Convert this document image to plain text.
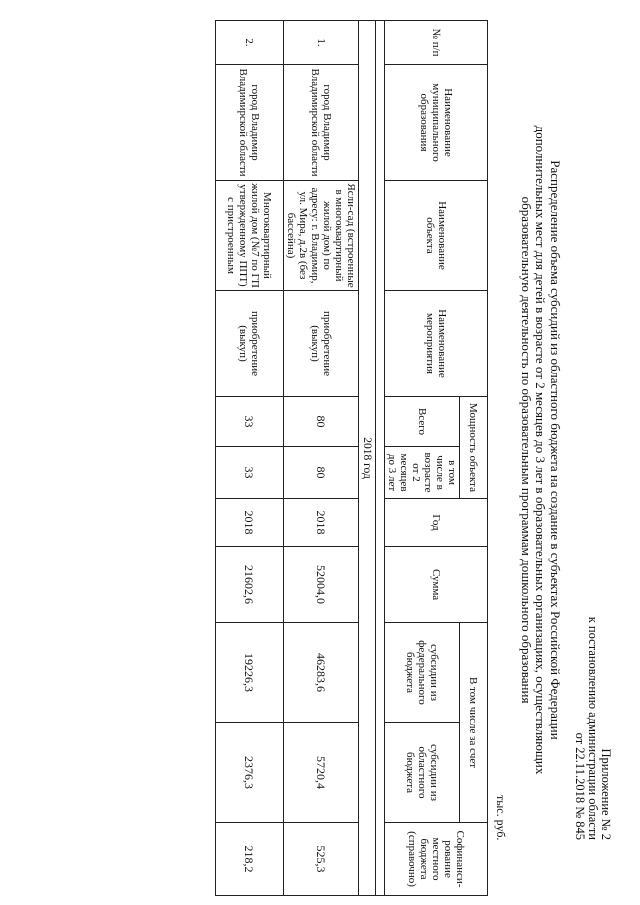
Приложение № 2
к постановлению администрации области
от 22.11.2018 № 845
Распределение объема субсидий из областного бюджета на создание в субъектах Российской Федерации
дополнительных мест для детей в возрасте от 2 месяцев до 3 лет в образовательных организациях, осуществляющих
образовательную деятельность по образовательным программам дошкольного образования
тыс. руб.
№ п/п	Наименование муниципального образования	Наименование объекта	Наименование мероприятия	Мощность объекта		Год	Сумма	В том числе за счет		Софинанси-рование местного бюджета (справочно)
				Всего	в том числе в возрасте от 2 месяцев до 3 лет			субсидии из федерального бюджета	субсидии из областного бюджета	

2018 год										
1.	город Владимир Владимирской области	Ясли-сад (встроенные в многоквартирный жилой дом) по адресу: г. Владимир, ул. Мира, д.2в (без бассейна)	приобретение (выкуп)	80	80	2018	52004,0	46283,6	5720,4	525,3
2.	город Владимир Владимирской области	Многоквартирный жилой дом (№7 по ГП утвержденному ППТ) с пристроенным	приобретение (выкуп)	33	33	2018	21602,6	19226,3	2376,3	218,2
